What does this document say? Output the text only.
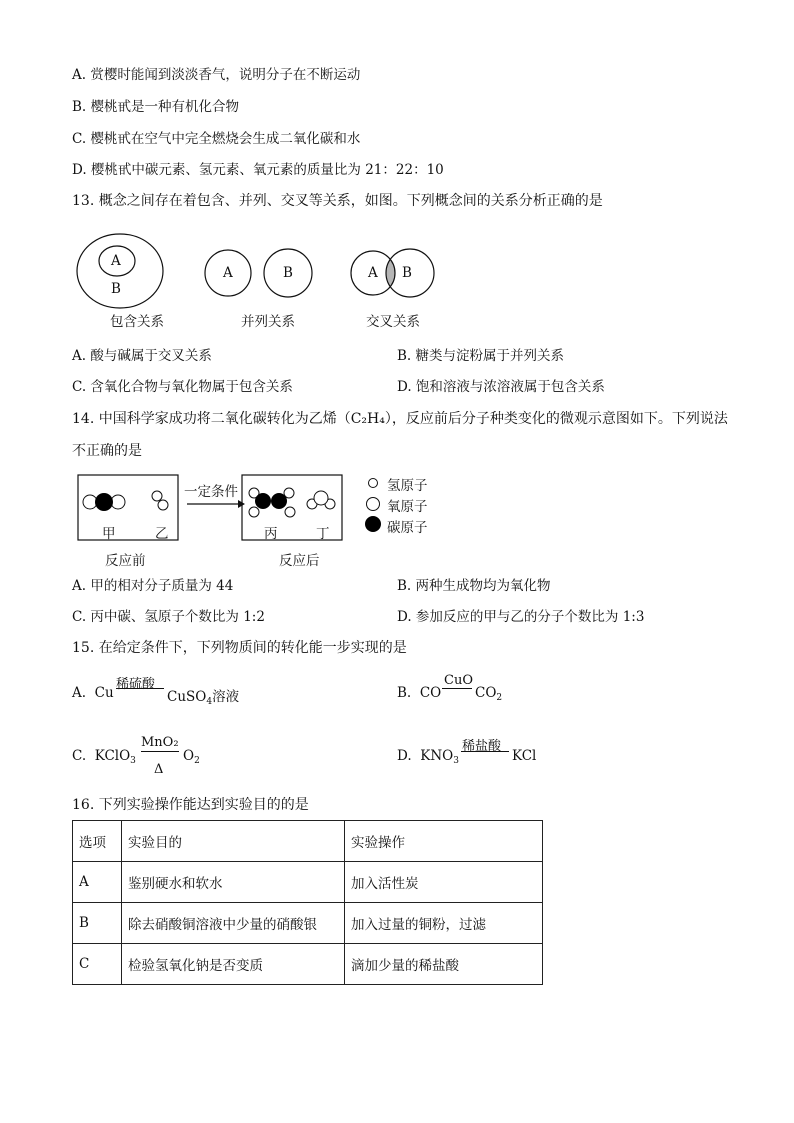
A. 赏樱时能闻到淡淡香气，说明分子在不断运动
B. 樱桃甙是一种有机化合物
C. 樱桃甙在空气中完全燃烧会生成二氧化碳和水
D. 樱桃甙中碳元素、氢元素、氧元素的质量比为 21：22：10
13. 概念之间存在着包含、并列、交叉等关系，如图。下列概念间的关系分析正确的是
A
B
包含关系
A	B
并列关系
A B
交叉关系
A. 酸与碱属于交叉关系	B. 糖类与淀粉属于并列关系
C. 含氧化合物与氧化物属于包含关系	D. 饱和溶液与浓溶液属于包含关系
14. 中国科学家成功将二氧化碳转化为乙烯（C₂H₄），反应前后分子种类变化的微观示意图如下。下列说法
不正确的是
一定条件
甲	乙	丙	丁
反应前	反应后
氢原子
氧原子
碳原子
A. 甲的相对分子质量为 44	B. 两种生成物均为氧化物
C. 丙中碳、氢原子个数比为 1:2	D. 参加反应的甲与乙的分子个数比为 1:3
15. 在给定条件下，下列物质间的转化能一步实现的是
A. Cu
稀硫酸
CuSO$_4$溶液	B. CO
CuO
$CO_2$
C. KClO$_3$
MnO₂
Δ
$O_2$	D. $KNO_3$
稀盐酸
KCl
16. 下列实验操作能达到实验目的的是
选项	实验目的	实验操作
A	鉴别硬水和软水	加入活性炭
B	除去硝酸铜溶液中少量的硝酸银	加入过量的铜粉，过滤
C	检验氢氧化钠是否变质	滴加少量的稀盐酸
